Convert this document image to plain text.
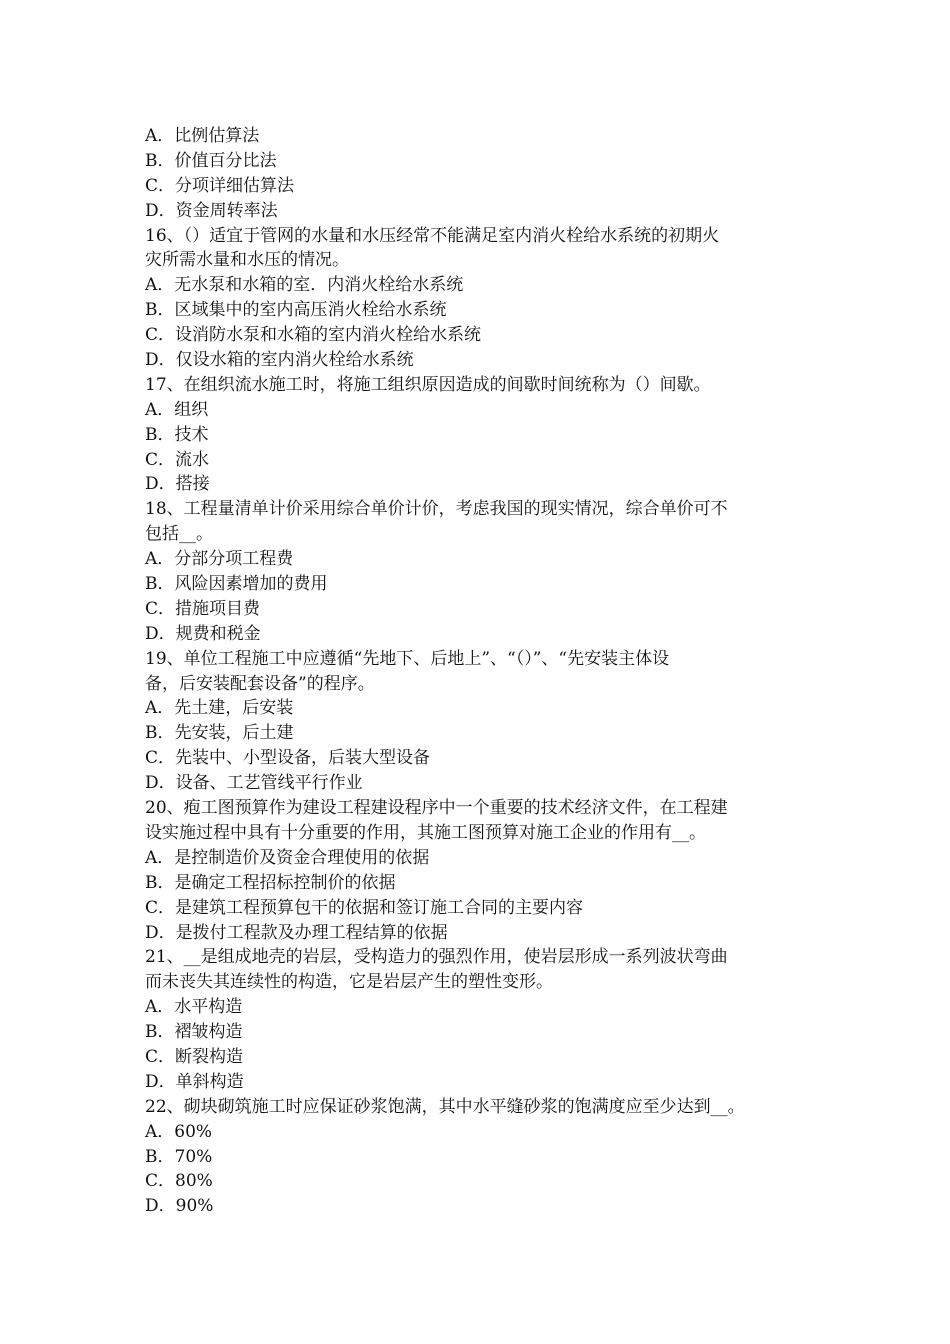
A．比例估算法
B．价值百分比法
C．分项详细估算法
D．资金周转率法
16、（）适宜于管网的水量和水压经常不能满足室内消火栓给水系统的初期火
灾所需水量和水压的情况。
A．无水泵和水箱的室．内消火栓给水系统
B．区域集中的室内高压消火栓给水系统
C．设消防水泵和水箱的室内消火栓给水系统
D．仅设水箱的室内消火栓给水系统
17、在组织流水施工时，将施工组织原因造成的间歇时间统称为（）间歇。
A．组织
B．技术
C．流水
D．搭接
18、工程量清单计价采用综合单价计价，考虑我国的现实情况，综合单价可不
包括__。
A．分部分项工程费
B．风险因素增加的费用
C．措施项目费
D．规费和税金
19、单位工程施工中应遵循“先地下、后地上”、“（）”、“先安装主体设
备，后安装配套设备”的程序。
A．先土建，后安装
B．先安装，后土建
C．先装中、小型设备，后装大型设备
D．设备、工艺管线平行作业
20、疱工图预算作为建设工程建设程序中一个重要的技术经济文件，在工程建
设实施过程中具有十分重要的作用，其施工图预算对施工企业的作用有__。
A．是控制造价及资金合理使用的依据
B．是确定工程招标控制价的依据
C．是建筑工程预算包干的依据和签订施工合同的主要内容
D．是拨付工程款及办理工程结算的依据
21、__是组成地壳的岩层，受构造力的强烈作用，使岩层形成一系列波状弯曲
而未丧失其连续性的构造，它是岩层产生的塑性变形。
A．水平构造
B．褶皱构造
C．断裂构造
D．单斜构造
22、砌块砌筑施工时应保证砂浆饱满，其中水平缝砂浆的饱满度应至少达到__。
A．60%
B．70%
C．80%
D．90%
